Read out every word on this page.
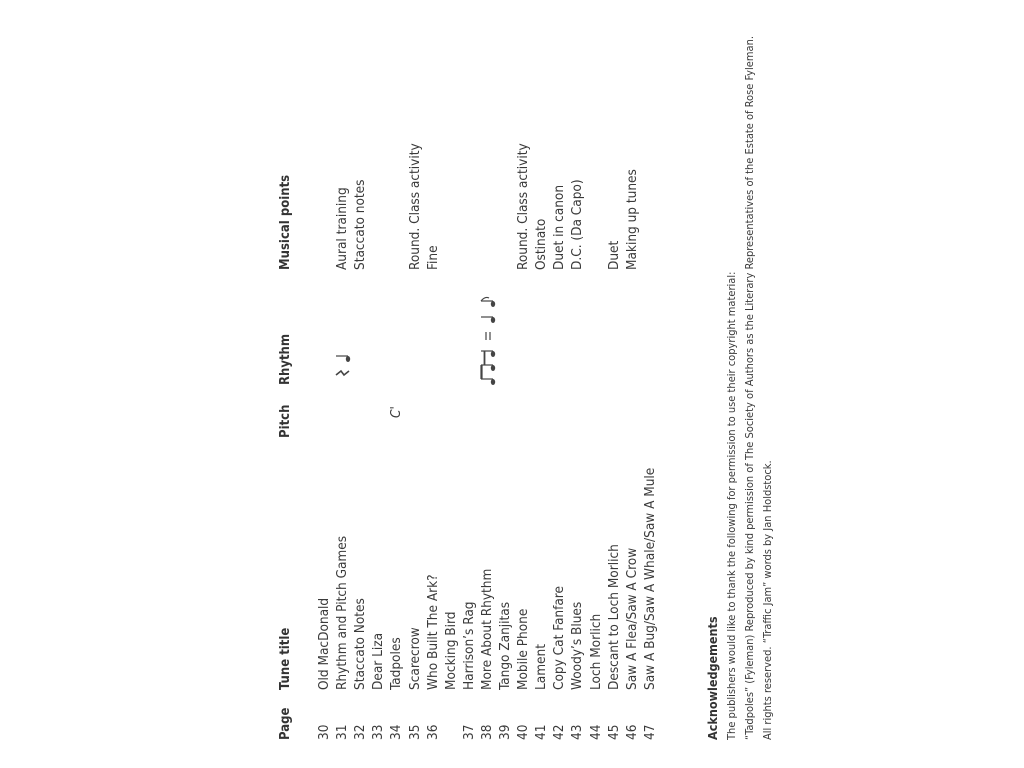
Page
Tune title
Pitch
Rhythm
Musical points
30
Old MacDonald
31
Rhythm and Pitch Games
Aural training
32
Staccato Notes
Staccato notes
33
Dear Liza
34
Tadpoles
C'
35
Scarecrow
Round. Class activity
36
Who Built The Ark?
Fine
Mocking Bird
37
Harrison’s Rag
38
More About Rhythm
39
Tango Zanjitas
40
Mobile Phone
Round. Class activity
41
Lament
Ostinato
42
Copy Cat Fanfare
Duet in canon
43
Woody’s Blues
D.C. (Da Capo)
44
Loch Morlich
45
Descant to Loch Morlich
Duet
46
Saw A Flea/Saw A Crow
Making up tunes
47
Saw A Bug/Saw A Whale/Saw A Mule	Acknowledgements The publishers would like to thank the following for permission to use their copyright material: “Tadpoles” (Fyleman) Reproduced by kind permission of The Society of Authors as the Literary Representatives of the Estate of Rose Fyleman. All rights reserved. “Traffic Jam” words by Jan Holdstock.
